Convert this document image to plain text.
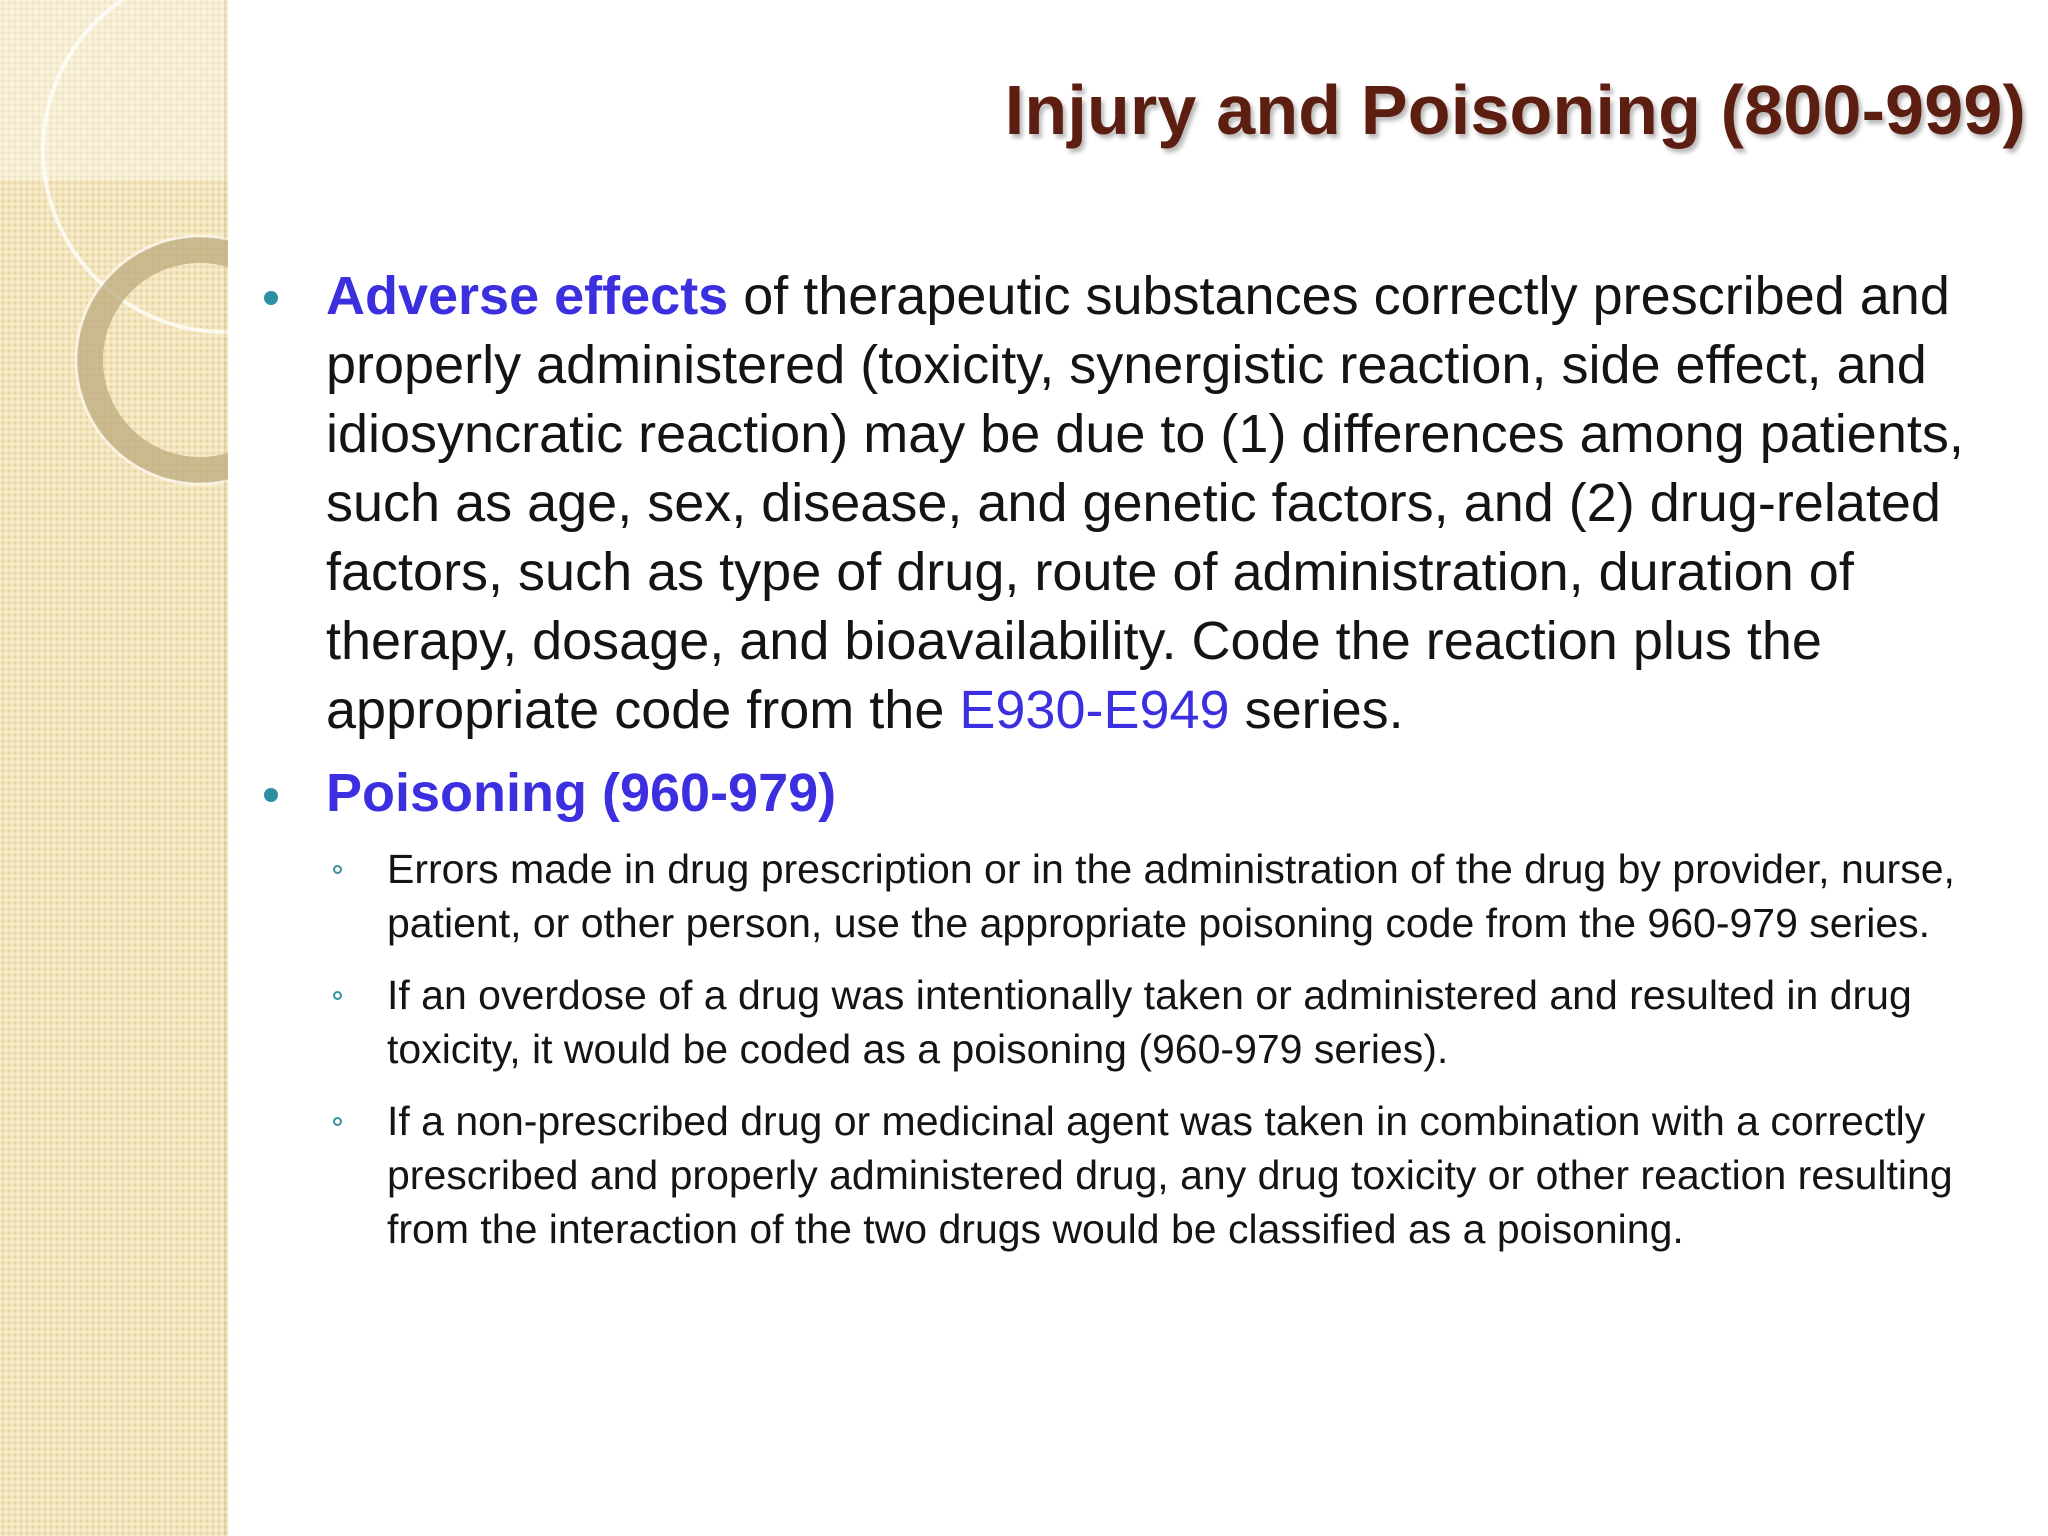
Injury and Poisoning (800-999)
Adverse effects of therapeutic substances correctly prescribed and properly administered (toxicity, synergistic reaction, side effect, and idiosyncratic reaction) may be due to (1) differences among patients, such as age, sex, disease, and genetic factors, and (2) drug-related factors, such as type of drug, route of administration, duration of therapy, dosage, and bioavailability. Code the reaction plus the appropriate code from the E930-E949 series.
Poisoning (960-979)
Errors made in drug prescription or in the administration of the drug by provider, nurse, patient, or other person, use the appropriate poisoning code from the 960-979 series.
If an overdose of a drug was intentionally taken or administered and resulted in drug toxicity, it would be coded as a poisoning (960-979 series).
If a non-prescribed drug or medicinal agent was taken in combination with a correctly prescribed and properly administered drug, any drug toxicity or other reaction resulting from the interaction of the two drugs would be classified as a poisoning.
